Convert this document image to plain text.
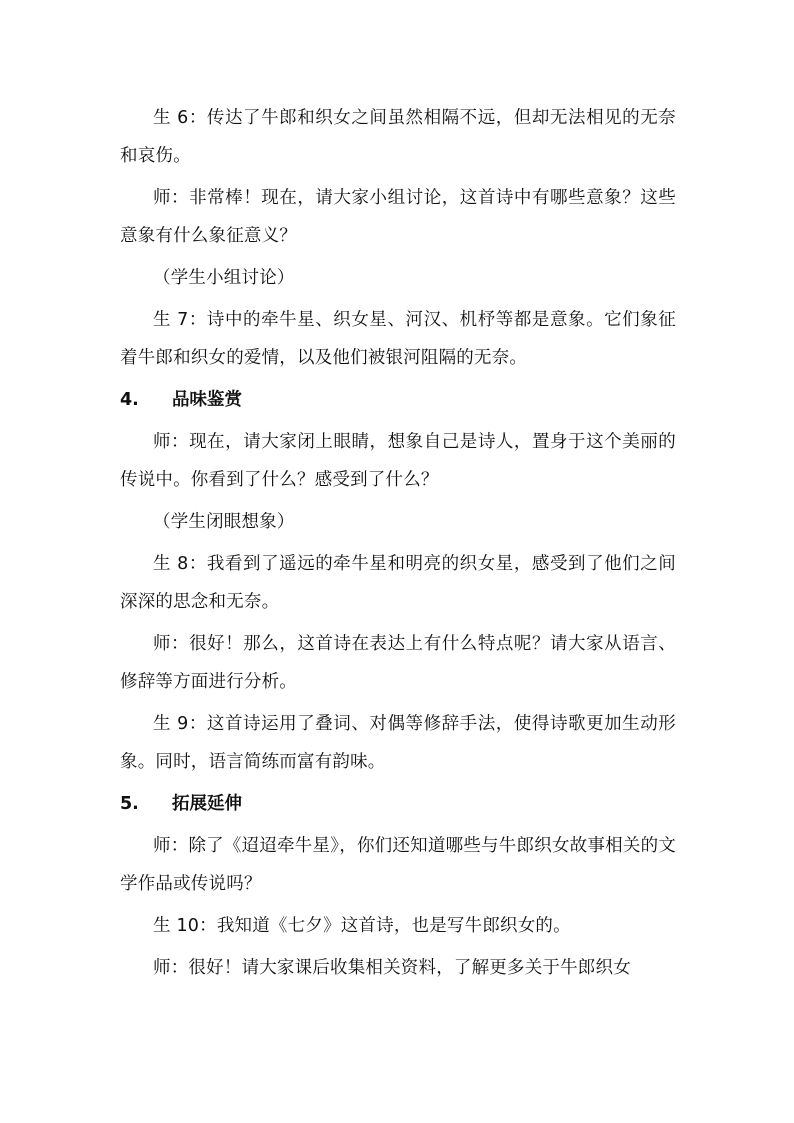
生 6：传达了牛郎和织女之间虽然相隔不远，但却无法相见的无奈和哀伤。

师：非常棒！现在，请大家小组讨论，这首诗中有哪些意象？这些意象有什么象征意义？

（学生小组讨论）

生 7：诗中的牵牛星、织女星、河汉、机杼等都是意象。它们象征着牛郎和织女的爱情，以及他们被银河阻隔的无奈。

4.	品味鉴赏

师：现在，请大家闭上眼睛，想象自己是诗人，置身于这个美丽的传说中。你看到了什么？感受到了什么？

（学生闭眼想象）

生 8：我看到了遥远的牵牛星和明亮的织女星，感受到了他们之间深深的思念和无奈。

师：很好！那么，这首诗在表达上有什么特点呢？请大家从语言、修辞等方面进行分析。

生 9：这首诗运用了叠词、对偶等修辞手法，使得诗歌更加生动形象。同时，语言简练而富有韵味。

5.	拓展延伸

师：除了《迢迢牵牛星》，你们还知道哪些与牛郎织女故事相关的文学作品或传说吗？

生 10：我知道《七夕》这首诗，也是写牛郎织女的。

师：很好！请大家课后收集相关资料，了解更多关于牛郎织女
